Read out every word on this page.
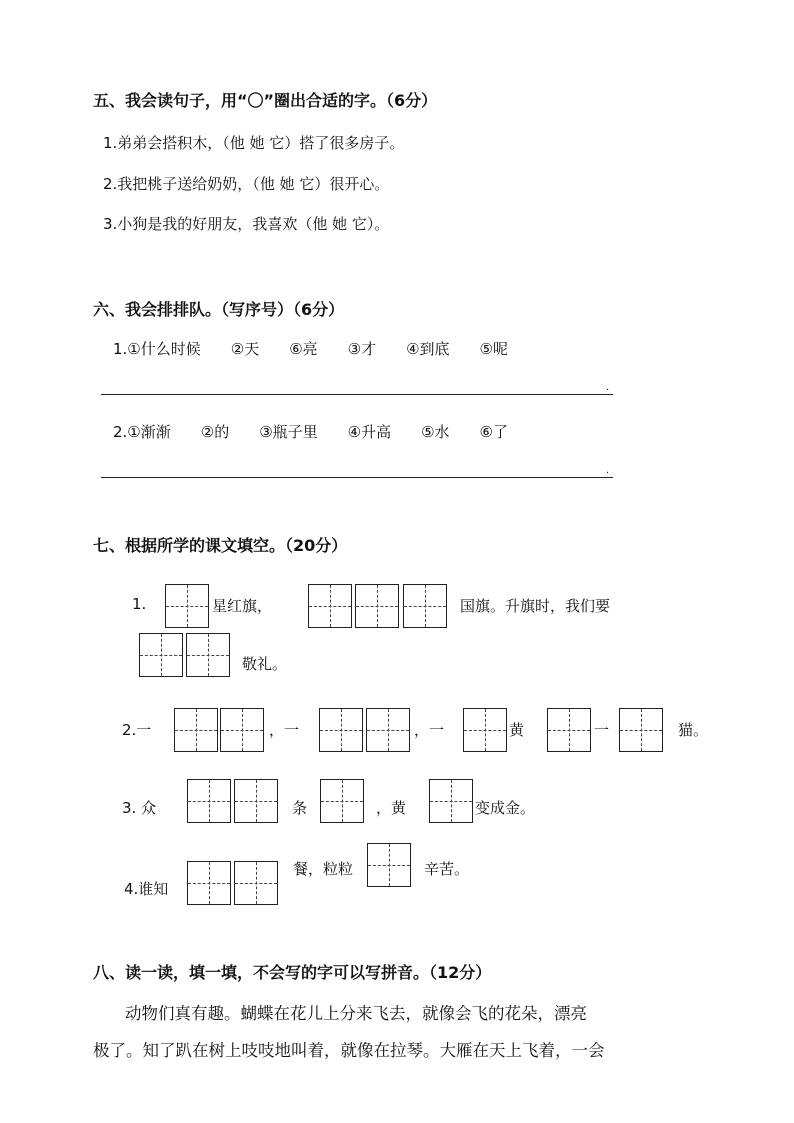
五、我会读句子，用“〇”圈出合适的字。（6分）
1.弟弟会搭积木，（他 她 它）搭了很多房子。
2.我把桃子送给奶奶，（他 她 它）很开心。
3.小狗是我的好朋友，我喜欢（他 她 它）。
六、我会排排队。（写序号）（6分）
1.①什么时候　　②天　　⑥亮　　③才　　④到底　　⑤呢
.
2.①渐渐　　②的　　③瓶子里　　④升高　　⑤水　　⑥了
.
七、根据所学的课文填空。（20分）
1.	星红旗，	国旗。升旗时，我们要
敬礼。
2.一	，一	，一	黄	一	猫。
3. 众	条	，黄	变成金。
4.谁知
餐，粒粒	辛苦。
八、读一读，填一填，不会写的字可以写拼音。（12分）
动物们真有趣。蝴蝶在花儿上分来飞去，就像会飞的花朵，漂亮
极了。知了趴在树上吱吱地叫着，就像在拉琴。大雁在天上飞着，一会
